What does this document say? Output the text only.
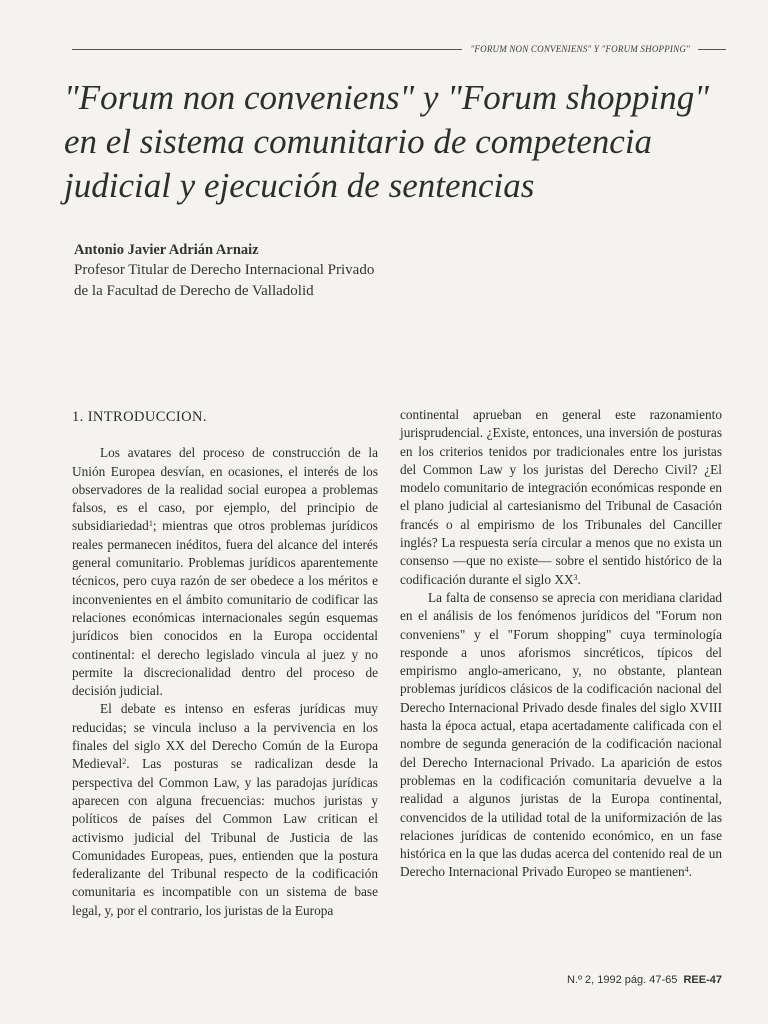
"FORUM NON CONVENIENS" Y "FORUM SHOPPING"
"Forum non conveniens" y "Forum shopping"
en el sistema comunitario de competencia
judicial y ejecución de sentencias
Antonio Javier Adrián Arnaiz
Profesor Titular de Derecho Internacional Privado
de la Facultad de Derecho de Valladolid
1. INTRODUCCION.

Los avatares del proceso de construcción de la Unión Europea desvían, en ocasiones, el interés de los observadores de la realidad social europea a problemas falsos, es el caso, por ejemplo, del principio de subsidiariedad$^1$; mientras que otros problemas jurídicos reales permanecen inéditos, fuera del alcance del interés general comunitario. Problemas jurídicos aparentemente técnicos, pero cuya razón de ser obedece a los méritos e inconvenientes en el ámbito comunitario de codificar las relaciones económicas internacionales según esquemas jurídicos bien conocidos en la Europa occidental continental: el derecho legislado vincula al juez y no permite la discrecionalidad dentro del proceso de decisión judicial.

El debate es intenso en esferas jurídicas muy reducidas; se vincula incluso a la pervivencia en los finales del siglo XX del Derecho Común de la Europa Medieval$^2$. Las posturas se radicalizan desde la perspectiva del Common Law, y las paradojas jurídicas aparecen con alguna frecuencias: muchos juristas y políticos de países del Common Law critican el activismo judicial del Tribunal de Justicia de las Comunidades Europeas, pues, entienden que la postura federalizante del Tribunal respecto de la codificación comunitaria es incompatible con un sistema de base legal, y, por el contrario, los juristas de la Europa

continental aprueban en general este razonamiento jurisprudencial. ¿Existe, entonces, una inversión de posturas en los criterios tenidos por tradicionales entre los juristas del Common Law y los juristas del Derecho Civil? ¿El modelo comunitario de integración económicas responde en el plano judicial al cartesianismo del Tribunal de Casación francés o al empirismo de los Tribunales del Canciller inglés? La respuesta sería circular a menos que no exista un consenso —que no existe— sobre el sentido histórico de la codificación durante el siglo $XX^3$.

La falta de consenso se aprecia con meridiana claridad en el análisis de los fenómenos jurídicos del "Forum non conveniens" y el "Forum shopping" cuya terminología responde a unos aforismos sincréticos, típicos del empirismo anglo-americano, y, no obstante, plantean problemas jurídicos clásicos de la codificación nacional del Derecho Internacional Privado desde finales del siglo XVIII hasta la época actual, etapa acertadamente calificada con el nombre de segunda generación de la codificación nacional del Derecho Internacional Privado. La aparición de estos problemas en la codificación comunitaria devuelve a la realidad a algunos juristas de la Europa continental, convencidos de la utilidad total de la uniformización de las relaciones jurídicas de contenido económico, en un fase histórica en la que las dudas acerca del contenido real de un Derecho Internacional Privado Europeo se mantienen$^4$.

N.º 2, 1992 pág. 47-65 REE-47
